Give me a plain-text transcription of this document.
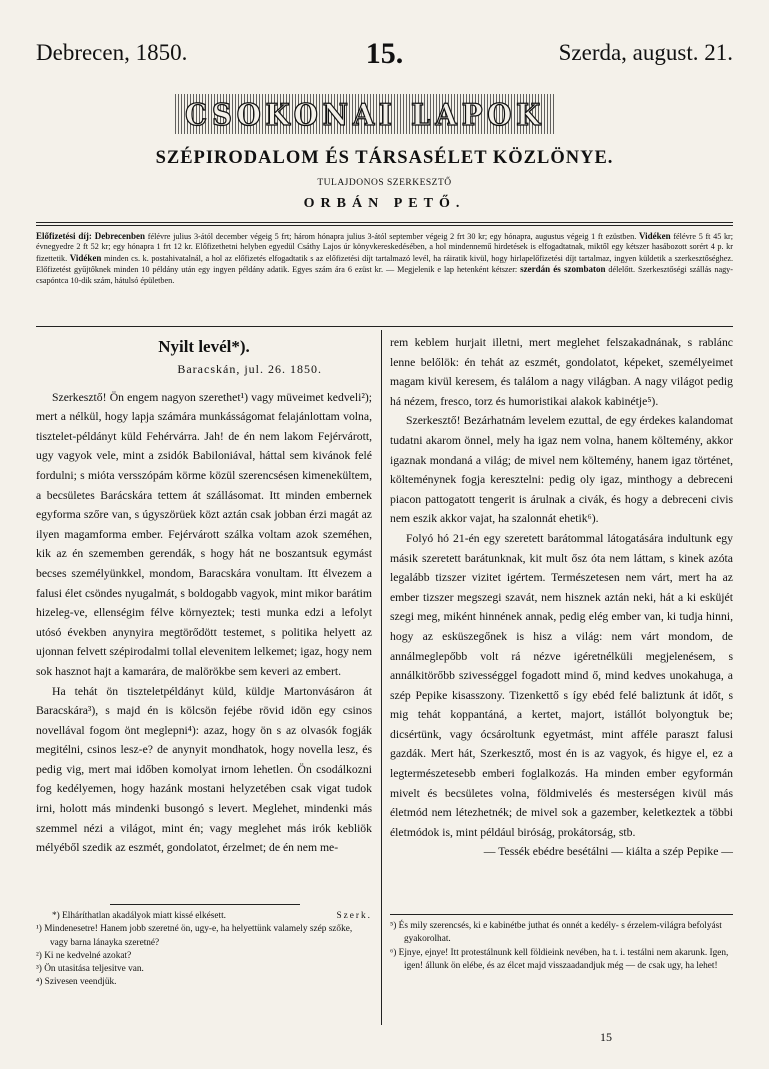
Debrecen, 1850.	15.	Szerda, august. 21.
CSOKONAI LAPOK
SZÉPIRODALOM ÉS TÁRSASÉLET KÖZLÖNYE.
TULAJDONOS SZERKESZTŐ
ORBÁN PETŐ.
Előfizetési díj: Debrecenben félévre julius 3-ától december végeig 5 frt; három hónapra julius 3-ától september végeig 2 frt 30 kr; egy hónapra, augustus végeig 1 ft ezüstben. Vidéken félévre 5 ft 45 kr; évnegyedre 2 ft 52 kr; egy hónapra 1 frt 12 kr. Előfizethetni helyben egyedül Csáthy Lajos úr könyvkereskedésében, a hol mindennemű hirdetések is elfogadtatnak, miktől egy kétszer hasábozott sorért 4 p. kr fizettetik. Vidéken minden cs. k. postahivatalnál, a hol az előfizetés elfogadtatik s az előfizetési díjt tartalmazó levél, ha ráiratik kivül, hogy hirlapelőfizetési díjt tartalmaz, ingyen küldetik a szerkesztőséghez. Előfizetést gyűjtőknek minden 10 példány után egy ingyen példány adatik. Egyes szám ára 6 ezüst kr. — Megjelenik e lap hetenként kétszer: szerdán és szombaton délelőtt. Szerkesztőségi szállás nagy-csapóntca 10-dik szám, hátulsó épületben.
Nyilt levél*).
Baracskán, jul. 26. 1850.

Szerkesztő! Ön engem nagyon szerethet¹) vagy müveimet kedveli²); mert a nélkül, hogy lapja számára munkásságomat felajánlottam volna, tisztelet-példányt küld Fehérvárra. Jah! de én nem lakom Fejérvárott, ugy vagyok vele, mint a zsidók Babiloniával, háttal sem kivánok felé fordulni; s mióta versszópám körme közül szerencsésen kimenekültem, a becsületes Barácskára tettem át szállásomat. Itt minden embernek egyforma szőre van, s úgyszörüek közt aztán csak jobban érzi magát az ilyen magamforma ember. Fejérvárott szálka voltam azok szeméhen, kik az én szememben gerendák, s hogy hát ne boszantsuk egymást becses személyünkkel, mondom, Baracskára vonultam. Itt élvezem a falusi élet csöndes nyugalmát, s boldogabb vagyok, mint mikor barátim hizeleg-ve, ellenségim félve környeztek; testi munka edzi a lefolyt utósó években anynyira megtörődött testemet, s politika helyett az ujonnan felvett szépirodalmi tollal elevenitem lelkemet; igaz, hogy nem sok hasznot hajt a kamarára, de malörökbe sem keveri az embert.

Ha tehát ön tiszteletpéldányt küld, küldje Martonvásáron át Baracskára³), s majd én is kölcsön fejébe rövid idön egy csinos novellával fogom önt meglepni⁴): azaz, hogy ön s az olvasók fogják megitélni, csinos lesz-e? de anynyit mondhatok, hogy novella lesz, és pedig vig, mert mai időben komolyat irnom lehetlen. Ön csodálkozni fog kedélyemen, hogy hazánk mostani helyzetében csak vigat tudok irni, holott más mindenki busongó s levert. Meglehet, mindenki más szemmel nézi a világot, mint én; vagy meglehet más irók kebliök mélyéből szedik az eszmét, gondolatot, érzelmet; de én nem me-

rem keblem hurjait illetni, mert meglehet felszakadnának, s rablánc lenne belőlök: én tehát az eszmét, gondolatot, képeket, személyeimet magam kivül keresem, és találom a nagy világban. A nagy világot pedig há nézem, fresco, torz és humoristikai alakok kabinétje⁵).

Szerkesztő! Bezárhatnám levelem ezuttal, de egy érdekes kalandomat tudatni akarom önnel, mely ha igaz nem volna, hanem költemény, akkor igaznak mondaná a világ; de mivel nem költemény, hanem igaz történet, költeménynek fogja keresztelni: pedig oly igaz, minthogy a debreceni piacon pattogatott tengerit is árulnak a civák, és hogy a debreceni civis nem eszik akkor vajat, ha szalonnát ehetik⁶).

Folyó hó 21-én egy szeretett barátommal látogatására indultunk egy másik szeretett barátunknak, kit mult ősz óta nem láttam, s kinek azóta legalább tizszer vizitet igértem. Természetesen nem várt, mert ha az ember tizszer megszegi szavát, nem hisznek aztán neki, hát a ki esküjét szegi meg, miként hinnének annak, pedig elég ember van, ki tudja hinni, hogy az esküszegőnek is hisz a világ: nem várt mondom, de annálmeglepőbb volt rá nézve igéretnélküli megjelenésem, s annálkitörőbb szivességgel fogadott mind ő, mind kedves unokahuga, a szép Pepike kisasszony. Tizenkettő s így ebéd felé baliztunk át időt, s mig tehát koppantáná, a kertet, majort, istállót bolyongtuk be; dicsértünk, vagy ócsároltunk egyetmást, mint afféle paraszt falusi gazdák. Mert hát, Szerkesztő, most én is az vagyok, és higye el, ez a legtermészetesebb emberi foglalkozás. Ha minden ember egyformán mivelt és becsületes volna, földmivelés és mesterségen kivül más életmód nem létezhetnék; de mivel sok a gazember, keletkeztek a többi életmódok is, mint például biróság, prokátorság, stb.

— Tessék ebédre besétálni — kiálta a szép Pepike —

*) Elháríthatlan akadályok miatt kissé elkésett.	Szerk.
¹) Mindenesetre! Hanem jobb szeretné ön, ugy-e, ha helyettünk valamely szép szőke, vagy barna lánayka szeretné?
²) Ki ne kedvelné azokat?
³) Ön utasitása teljesitve van.
⁴) Szivesen veendjük.
⁵) És mily szerencsés, ki e kabinétbe juthat és onnét a kedély- s érzelem-világra befolyást gyakorolhat.
⁶) Ejnye, ejnye! Itt protestálnunk kell földieink nevében, ha t. i. testálni nem akarunk. Igen, igen! állunk ön elébe, és az élcet majd visszaadandjuk még — de csak ugy, ha lehet!
15
